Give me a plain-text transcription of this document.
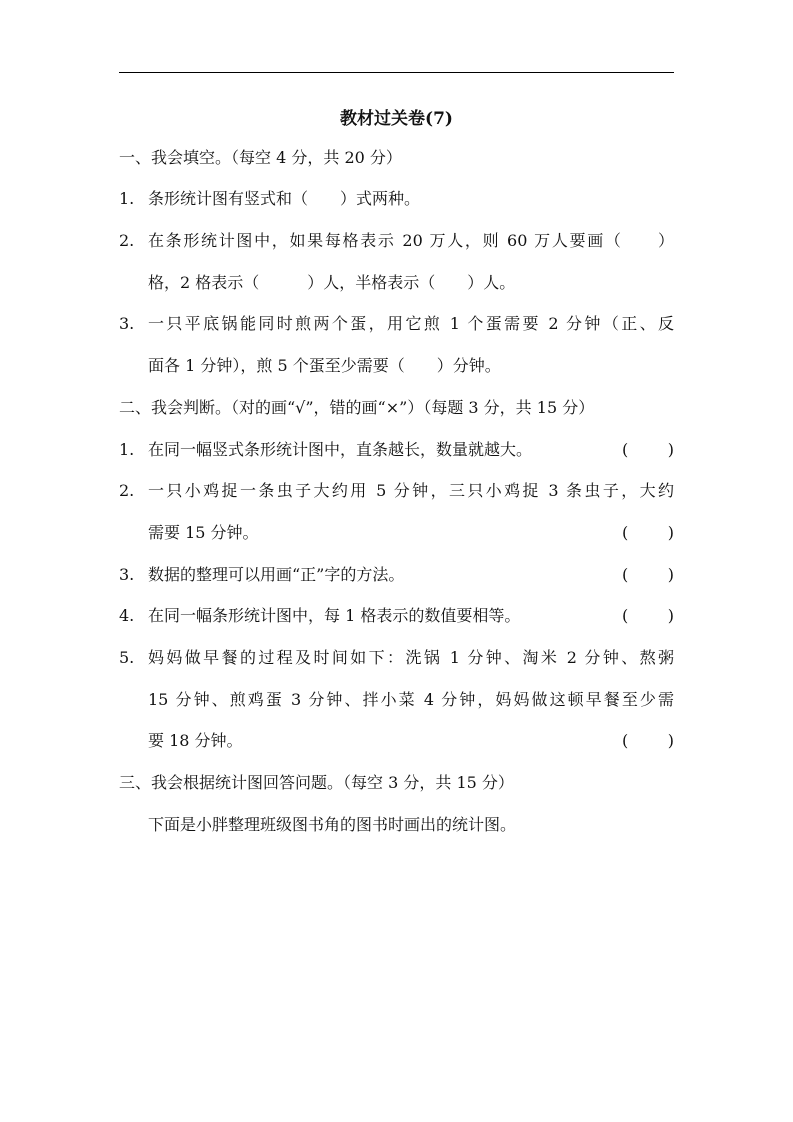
教材过关卷(7)
一、我会填空。（每空 4 分，共 20 分）
1. 条形统计图有竖式和（　　）式两种。
2. 在条形统计图中，如果每格表示 20 万人，则 60 万人要画（　　）
格，2 格表示（　　　）人，半格表示（　　）人。
3. 一只平底锅能同时煎两个蛋，用它煎 1 个蛋需要 2 分钟（正、反
面各 1 分钟），煎 5 个蛋至少需要（　　）分钟。
二、我会判断。（对的画“√”，错的画“×”）（每题 3 分，共 15 分）
1. 在同一幅竖式条形统计图中，直条越长，数量就越大。	( )
2. 一只小鸡捉一条虫子大约用 5 分钟，三只小鸡捉 3 条虫子，大约
需要 15 分钟。	( )
3. 数据的整理可以用画“正”字的方法。	( )
4. 在同一幅条形统计图中，每 1 格表示的数值要相等。	( )
5. 妈妈做早餐的过程及时间如下：洗锅 1 分钟、淘米 2 分钟、熬粥
15 分钟、煎鸡蛋 3 分钟、拌小菜 4 分钟，妈妈做这顿早餐至少需
要 18 分钟。	( )
三、我会根据统计图回答问题。（每空 3 分，共 15 分）
下面是小胖整理班级图书角的图书时画出的统计图。
